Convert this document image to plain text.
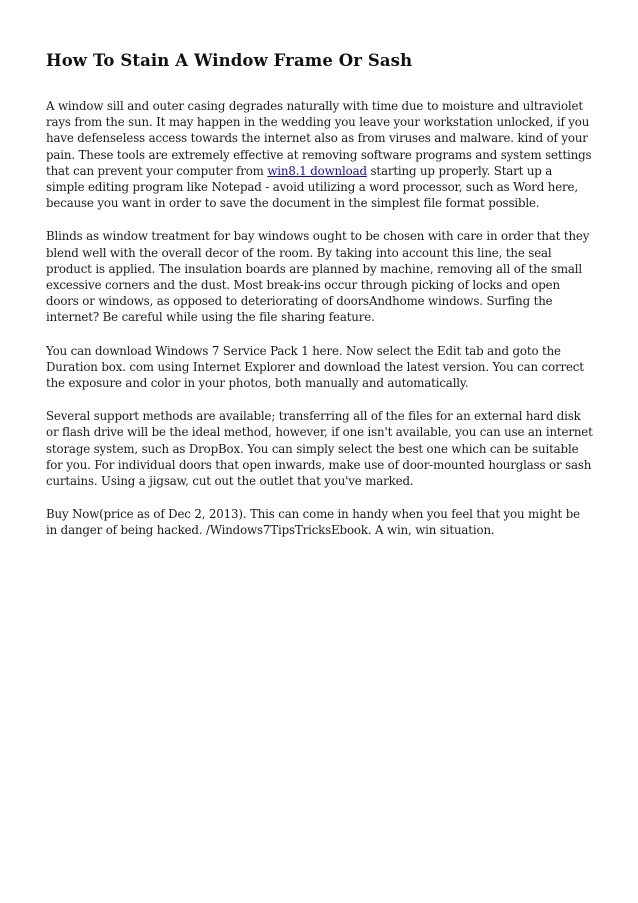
How To Stain A Window Frame Or Sash

A window sill and outer casing degrades naturally with time due to moisture and ultraviolet rays from the sun. It may happen in the wedding you leave your workstation unlocked, if you have defenseless access towards the internet also as from viruses and malware. kind of your pain. These tools are extremely effective at removing software programs and system settings that can prevent your computer from win8.1 download starting up properly. Start up a simple editing program like Notepad - avoid utilizing a word processor, such as Word here, because you want in order to save the document in the simplest file format possible.

Blinds as window treatment for bay windows ought to be chosen with care in order that they blend well with the overall decor of the room. By taking into account this line, the seal product is applied. The insulation boards are planned by machine, removing all of the small excessive corners and the dust. Most break-ins occur through picking of locks and open doors or windows, as opposed to deteriorating of doorsAndhome windows. Surfing the internet? Be careful while using the file sharing feature.

You can download Windows 7 Service Pack 1 here. Now select the Edit tab and goto the Duration box. com using Internet Explorer and download the latest version. You can correct the exposure and color in your photos, both manually and automatically.

Several support methods are available; transferring all of the files for an external hard disk or flash drive will be the ideal method, however, if one isn't available, you can use an internet storage system, such as DropBox. You can simply select the best one which can be suitable for you. For individual doors that open inwards, make use of door-mounted hourglass or sash curtains. Using a jigsaw, cut out the outlet that you've marked.

Buy Now(price as of Dec 2, 2013). This can come in handy when you feel that you might be in danger of being hacked. /Windows7TipsTricksEbook. A win, win situation.
